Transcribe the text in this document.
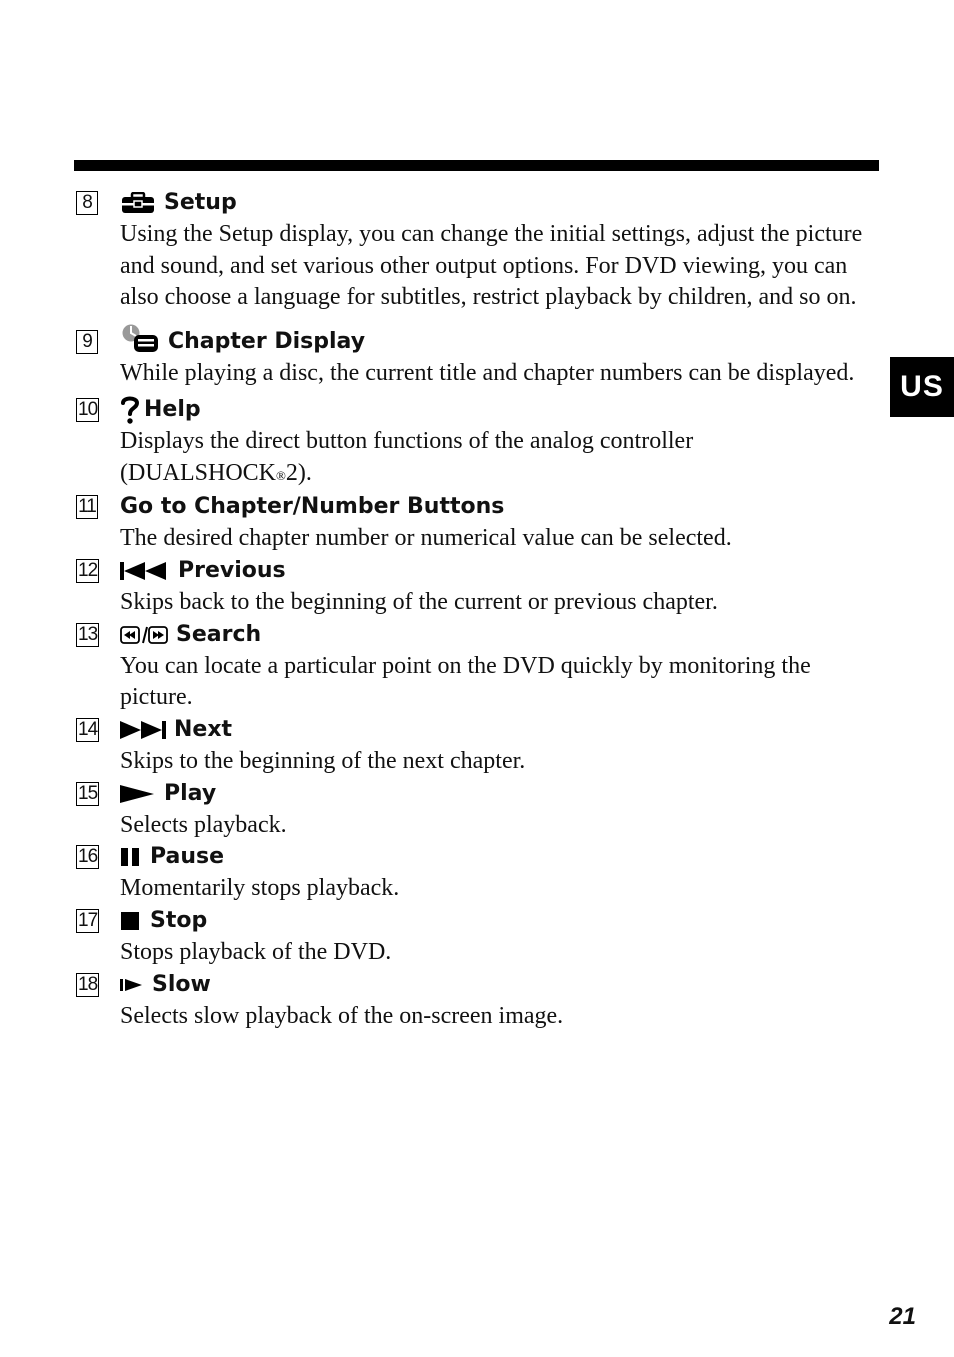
US
8	Setup
Using the Setup display, you can change the initial settings, adjust the picture and sound, and set various other output options. For DVD viewing, you can also choose a language for subtitles, restrict playback by children, and so on.
9	Chapter Display
While playing a disc, the current title and chapter numbers can be displayed.
10 Help
Displays the direct button functions of the analog controller (DUALSHOCK®2).
11 Go to Chapter/Number Buttons
The desired chapter number or numerical value can be selected.
12	Previous
Skips back to the beginning of the current or previous chapter.
13	Search
You can locate a particular point on the DVD quickly by monitoring the picture.
14	Next
Skips to the beginning of the next chapter.
15	Play
Selects playback.
16 Pause
Momentarily stops playback.
17 Stop
Stops playback of the DVD.
18 Slow
Selects slow playback of the on-screen image.
21
